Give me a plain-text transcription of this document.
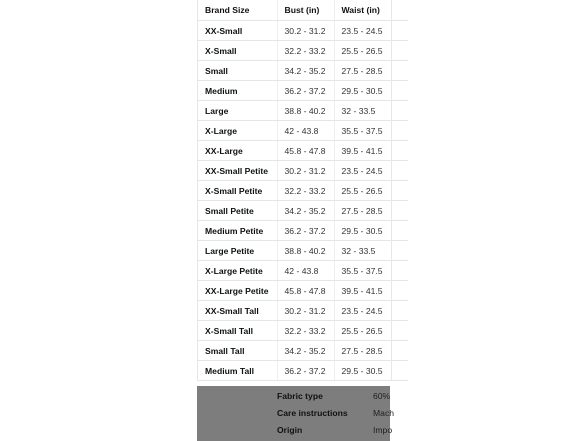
Brand Size	Bust (in)	Waist (in)
XX-Small	30.2 - 31.2	23.5 - 24.5
X-Small	32.2 - 33.2	25.5 - 26.5
Small	34.2 - 35.2	27.5 - 28.5
Medium	36.2 - 37.2	29.5 - 30.5
Large	38.8 - 40.2	32 - 33.5
X-Large	42 - 43.8	35.5 - 37.5
XX-Large	45.8 - 47.8	39.5 - 41.5
XX-Small Petite	30.2 - 31.2	23.5 - 24.5
X-Small Petite	32.2 - 33.2	25.5 - 26.5
Small Petite	34.2 - 35.2	27.5 - 28.5
Medium Petite	36.2 - 37.2	29.5 - 30.5
Large Petite	38.8 - 40.2	32 - 33.5
X-Large Petite	42 - 43.8	35.5 - 37.5
XX-Large Petite	45.8 - 47.8	39.5 - 41.5
XX-Small Tall	30.2 - 31.2	23.5 - 24.5
X-Small Tall	32.2 - 33.2	25.5 - 26.5
Small Tall	34.2 - 35.2	27.5 - 28.5
Medium Tall	36.2 - 37.2	29.5 - 30.5
Fabric type	60%
Care instructions	Mach
Origin	Impo
